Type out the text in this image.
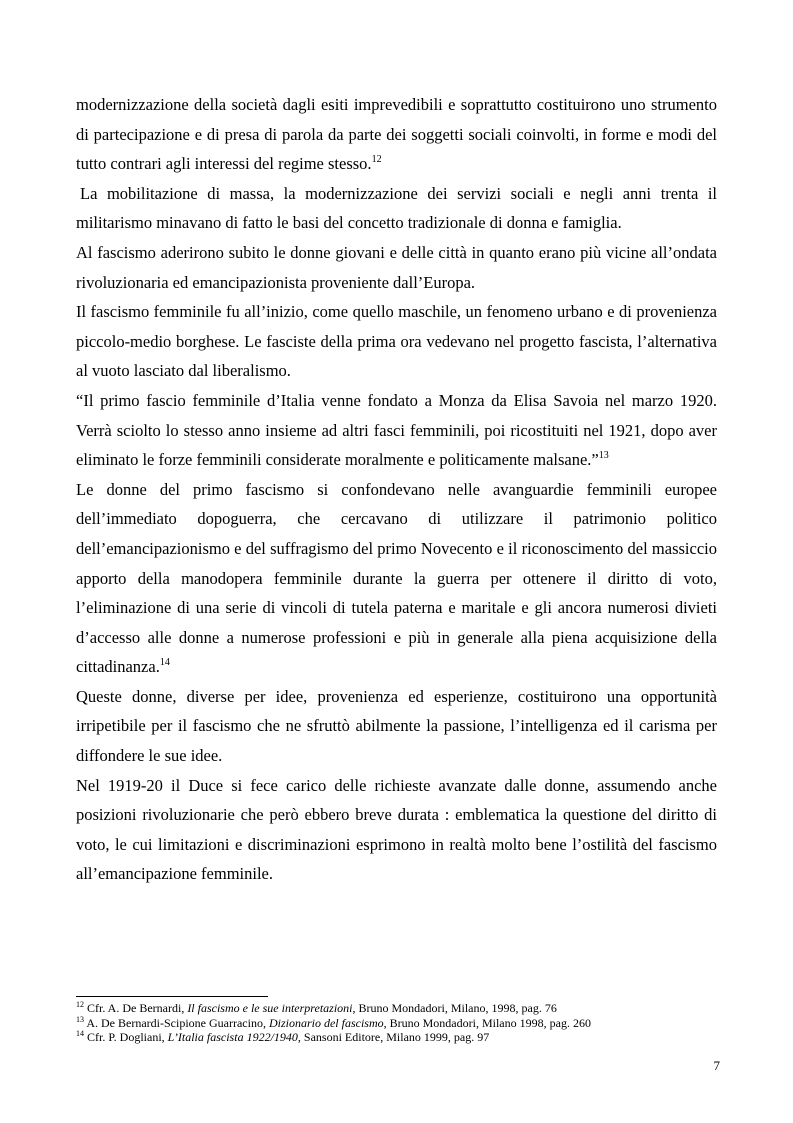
modernizzazione della società dagli esiti imprevedibili e soprattutto costituirono uno strumento di partecipazione e di presa di parola da parte dei soggetti sociali coinvolti, in forme e modi del tutto contrari agli interessi del regime stesso.$^{12}$

La mobilitazione di massa, la modernizzazione dei servizi sociali e negli anni trenta il militarismo minavano di fatto le basi del concetto tradizionale di donna e famiglia.

Al fascismo aderirono subito le donne giovani e delle città in quanto erano più vicine all’ondata rivoluzionaria ed emancipazionista proveniente dall’Europa.

Il fascismo femminile fu all’inizio, come quello maschile, un fenomeno urbano e di provenienza piccolo-medio borghese. Le fasciste della prima ora vedevano nel progetto fascista, l’alternativa al vuoto lasciato dal liberalismo.

“Il primo fascio femminile d’Italia venne fondato a Monza da Elisa Savoia nel marzo 1920. Verrà sciolto lo stesso anno insieme ad altri fasci femminili, poi ricostituiti nel 1921, dopo aver eliminato le forze femminili considerate moralmente e politicamente malsane.”$^{13}$

Le donne del primo fascismo si confondevano nelle avanguardie femminili europee dell’immediato dopoguerra, che cercavano di utilizzare il patrimonio politico dell’emancipazionismo e del suffragismo del primo Novecento e il riconoscimento del massiccio apporto della manodopera femminile durante la guerra per ottenere il diritto di voto, l’eliminazione di una serie di vincoli di tutela paterna e maritale e gli ancora numerosi divieti d’accesso alle donne a numerose professioni e più in generale alla piena acquisizione della cittadinanza.$^{14}$

Queste donne, diverse per idee, provenienza ed esperienze, costituirono una opportunità irripetibile per il fascismo che ne sfruttò abilmente la passione, l’intelligenza ed il carisma per diffondere le sue idee.

Nel 1919-20 il Duce si fece carico delle richieste avanzate dalle donne, assumendo anche posizioni rivoluzionarie che però ebbero breve durata : emblematica la questione del diritto di voto, le cui limitazioni e discriminazioni esprimono in realtà molto bene l’ostilità del fascismo all’emancipazione femminile.

$^{12}$ Cfr. A. De Bernardi, Il fascismo e le sue interpretazioni, Bruno Mondadori, Milano, 1998, pag. 76
$^{13}$ A. De Bernardi-Scipione Guarracino, Dizionario del fascismo, Bruno Mondadori, Milano 1998, pag. 260
$^{14}$ Cfr. P. Dogliani, L’Italia fascista 1922/1940, Sansoni Editore, Milano 1999, pag. 97
7
